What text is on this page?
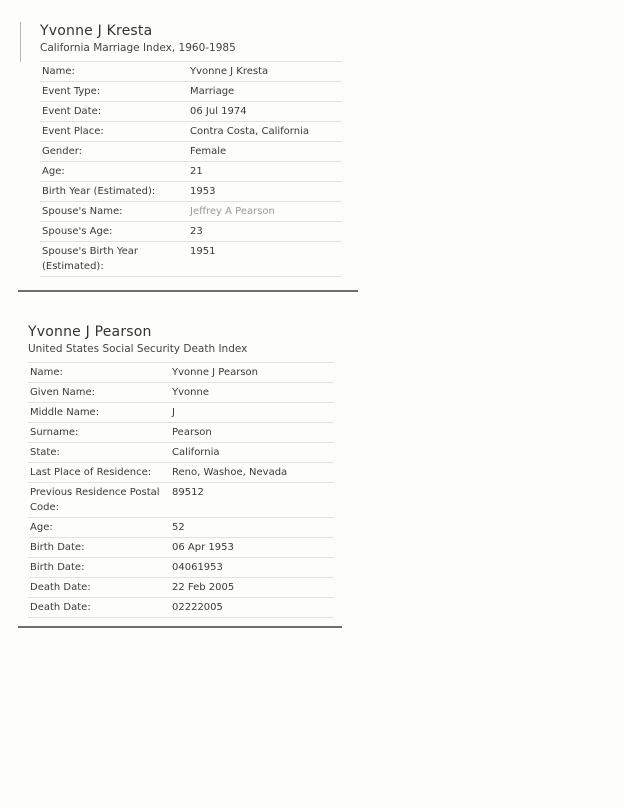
Yvonne J Kresta
California Marriage Index, 1960-1985
Name:	Yvonne J Kresta
Event Type:	Marriage
Event Date:	06 Jul 1974
Event Place:	Contra Costa, California
Gender:	Female
Age:	21
Birth Year (Estimated):	1953
Spouse's Name:	Jeffrey A Pearson
Spouse's Age:	23
Spouse's Birth Year (Estimated):
1951
Yvonne J Pearson
United States Social Security Death Index
Name:	Yvonne J Pearson
Given Name:	Yvonne
Middle Name:	J
Surname:	Pearson
State:	California
Last Place of Residence:	Reno, Washoe, Nevada
Previous Residence Postal Code:
89512
Age:	52
Birth Date:	06 Apr 1953
Birth Date:	04061953
Death Date:	22 Feb 2005
Death Date:	02222005
